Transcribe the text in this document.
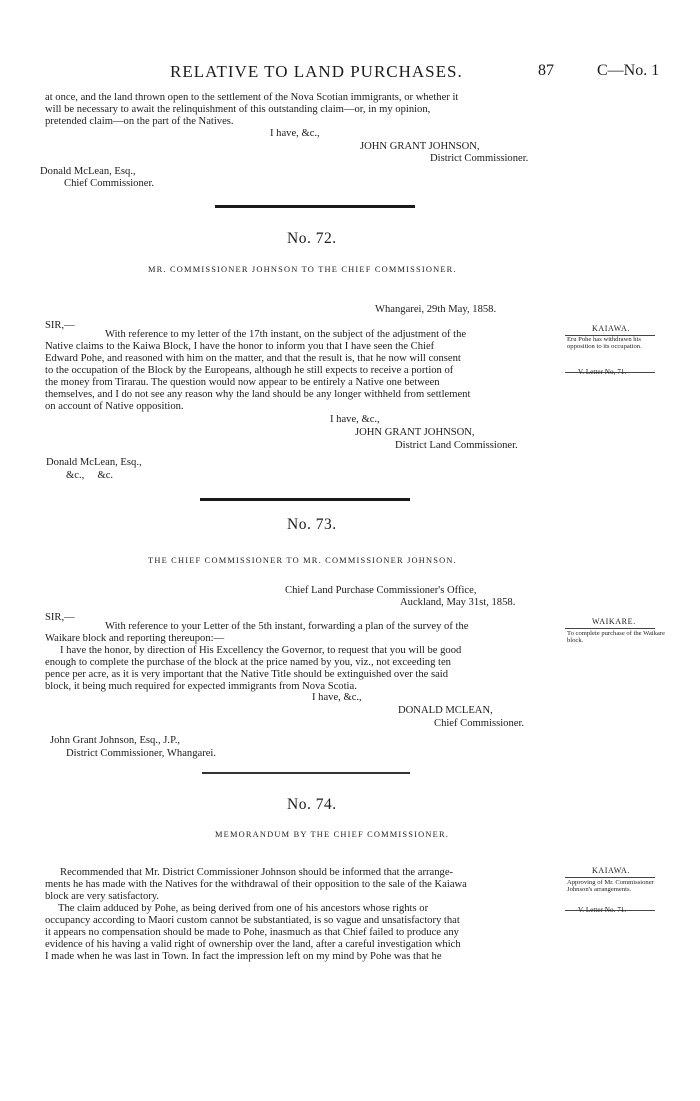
RELATIVE TO LAND PURCHASES.	87	C—No. 1
at once, and the land thrown open to the settlement of the Nova Scotian immigrants, or whether it
will be necessary to await the relinquishment of this outstanding claim—or, in my opinion,
pretended claim—on the part of the Natives.
I have, &c.,
JOHN GRANT JOHNSON,
District Commissioner.
Donald McLean, Esq.,
Chief Commissioner.
No. 72.
MR. COMMISSIONER JOHNSON TO THE CHIEF COMMISSIONER.
Whangarei, 29th May, 1858.
SIR,—
With reference to my letter of the 17th instant, on the subject of the adjustment of the
Native claims to the Kaiwa Block, I have the honor to inform you that I have seen the Chief
Edward Pohe, and reasoned with him on the matter, and that the result is, that he now will consent
to the occupation of the Block by the Europeans, although he still expects to receive a portion of
the money from Tirarau. The question would now appear to be entirely a Native one between
themselves, and I do not see any reason why the land should be any longer withheld from settlement
on account of Native opposition.
I have, &c.,
JOHN GRANT JOHNSON,
District Land Commissioner.
Donald McLean, Esq.,
&c.,     &c.
KAIAWA.
Eru Pohe has withdrawn his opposition to its occupation.
V. Letter No, 71.
No. 73.
THE CHIEF COMMISSIONER TO MR. COMMISSIONER JOHNSON.
Chief Land Purchase Commissioner's Office,
Auckland, May 31st, 1858.
SIR,—
With reference to your Letter of the 5th instant, forwarding a plan of the survey of the
Waikare block and reporting thereupon:—
I have the honor, by direction of His Excellency the Governor, to request that you will be good
enough to complete the purchase of the block at the price named by you, viz., not exceeding ten
pence per acre, as it is very important that the Native Title should be extinguished over the said
block, it being much required for expected immigrants from Nova Scotia.
I have, &c.,
DONALD MCLEAN,
Chief Commissioner.
John Grant Johnson, Esq., J.P.,
District Commissioner, Whangarei.
WAIKARE.
To complete purchase of the Waikare block.
No. 74.
MEMORANDUM BY THE CHIEF COMMISSIONER.
Recommended that Mr. District Commissioner Johnson should be informed that the arrange-
ments he has made with the Natives for the withdrawal of their opposition to the sale of the Kaiawa
block are very satisfactory.
The claim adduced by Pohe, as being derived from one of his ancestors whose rights or
occupancy according to Maori custom cannot be substantiated, is so vague and unsatisfactory that
it appears no compensation should be made to Pohe, inasmuch as that Chief failed to produce any
evidence of his having a valid right of ownership over the land, after a careful investigation which
I made when he was last in Town. In fact the impression left on my mind by Pohe was that he
KAIAWA.
Approving of Mr. Commissioner Johnson's arrangements.
V. Letter No. 71.
